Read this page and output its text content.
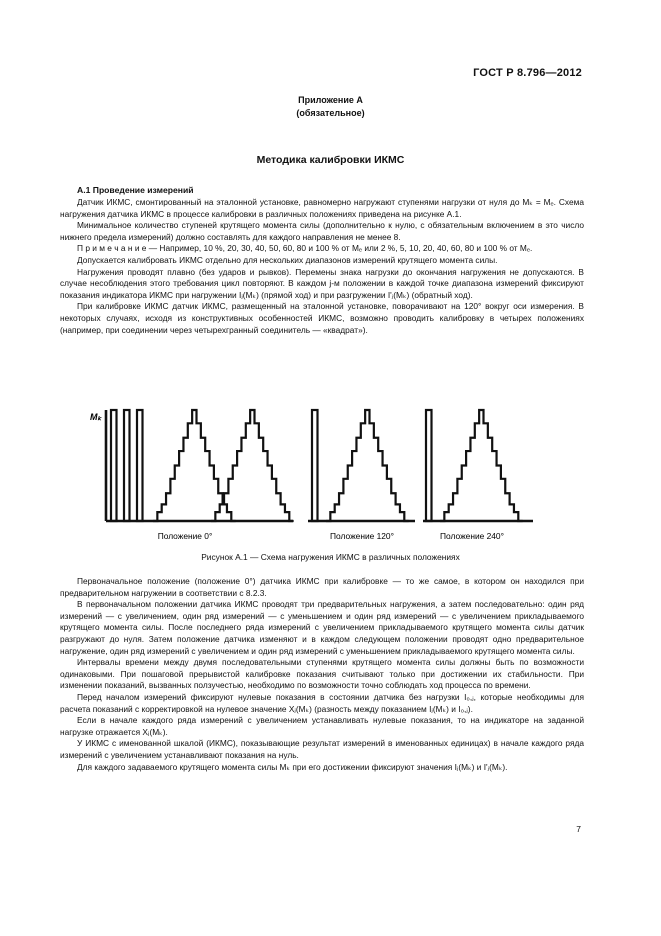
ГОСТ Р 8.796—2012
Приложение А
(обязательное)
Методика калибровки ИКМС
А.1 Проведение измерений

Датчик ИКМС, смонтированный на эталонной установке, равномерно нагружают ступенями нагрузки от нуля до Mₖ = Mₑ. Схема нагружения датчика ИКМС в процессе калибровки в различных положениях приведена на рисунке А.1.

Минимальное количество ступеней крутящего момента силы (дополнительно к нулю, с обязательным включением в это число нижнего предела измерений) должно составлять для каждого направления не менее 8.

П р и м е ч а н и е — Например, 10 %, 20, 30, 40, 50, 60, 80 и 100 % от Mₑ или 2 %, 5, 10, 20, 40, 60, 80 и 100 % от Mₑ.

Допускается калибровать ИКМС отдельно для нескольких диапазонов измерений крутящего момента силы.

Нагружения проводят плавно (без ударов и рывков). Перемены знака нагрузки до окончания нагружения не допускаются. В случае несоблюдения этого требования цикл повторяют. В каждом j-м положении в каждой точке диапазона измерений фиксируют показания индикатора ИКМС при нагружении Iⱼ(Mₖ) (прямой ход) и при разгружении I'ⱼ(Mₖ) (обратный ход).

При калибровке ИКМС датчик ИКМС, размещенный на эталонной установке, поворачивают на 120° вокруг оси измерения. В некоторых случаях, исходя из конструктивных особенностей ИКМС, возможно проводить калибровку в четырех положениях (например, при соединении через четырехгранный соединитель — «квадрат»).

Mₖ
Положение 0°	Положение 120°	Положение 240°
Рисунок А.1 — Схема нагружения ИКМС в различных положениях

Первоначальное положение (положение 0°) датчика ИКМС при калибровке — то же самое, в котором он находился при предварительном нагружении в соответствии с 8.2.3.

В первоначальном положении датчика ИКМС проводят три предварительных нагружения, а затем последовательно: один ряд измерений — с увеличением, один ряд измерений — с уменьшением и один ряд измерений — с увеличением прикладываемого крутящего момента силы. После последнего ряда измерений с увеличением прикладываемого крутящего момента силы датчик разгружают до нуля. Затем положение датчика изменяют и в каждом следующем положении проводят одно предварительное нагружение, один ряд измерений с увеличением и один ряд измерений с уменьшением прикладываемого крутящего момента силы.

Интервалы времени между двумя последовательными ступенями крутящего момента силы должны быть по возможности одинаковыми. При пошаговой прерывистой калибровке показания считывают только при достижении их стабильности. При изменении показаний, вызванных ползучестью, необходимо по возможности точно соблюдать ход процесса по времени.

Перед началом измерений фиксируют нулевые показания в состоянии датчика без нагрузки I₀,ⱼ, которые необходимы для расчета показаний с корректировкой на нулевое значение Xⱼ(Mₖ) (разность между показанием Iⱼ(Mₖ) и I₀,ⱼ).

Если в начале каждого ряда измерений с увеличением устанавливать нулевые показания, то на индикаторе на заданной нагрузке отражается Xⱼ(Mₖ).

У ИКМС с именованной шкалой (ИКМС), показывающие результат измерений в именованных единицах) в начале каждого ряда измерений с увеличением устанавливают показания на нуль.

Для каждого задаваемого крутящего момента силы Mₖ при его достижении фиксируют значения Iⱼ(Mₖ) и I'ⱼ(Mₖ).

7
